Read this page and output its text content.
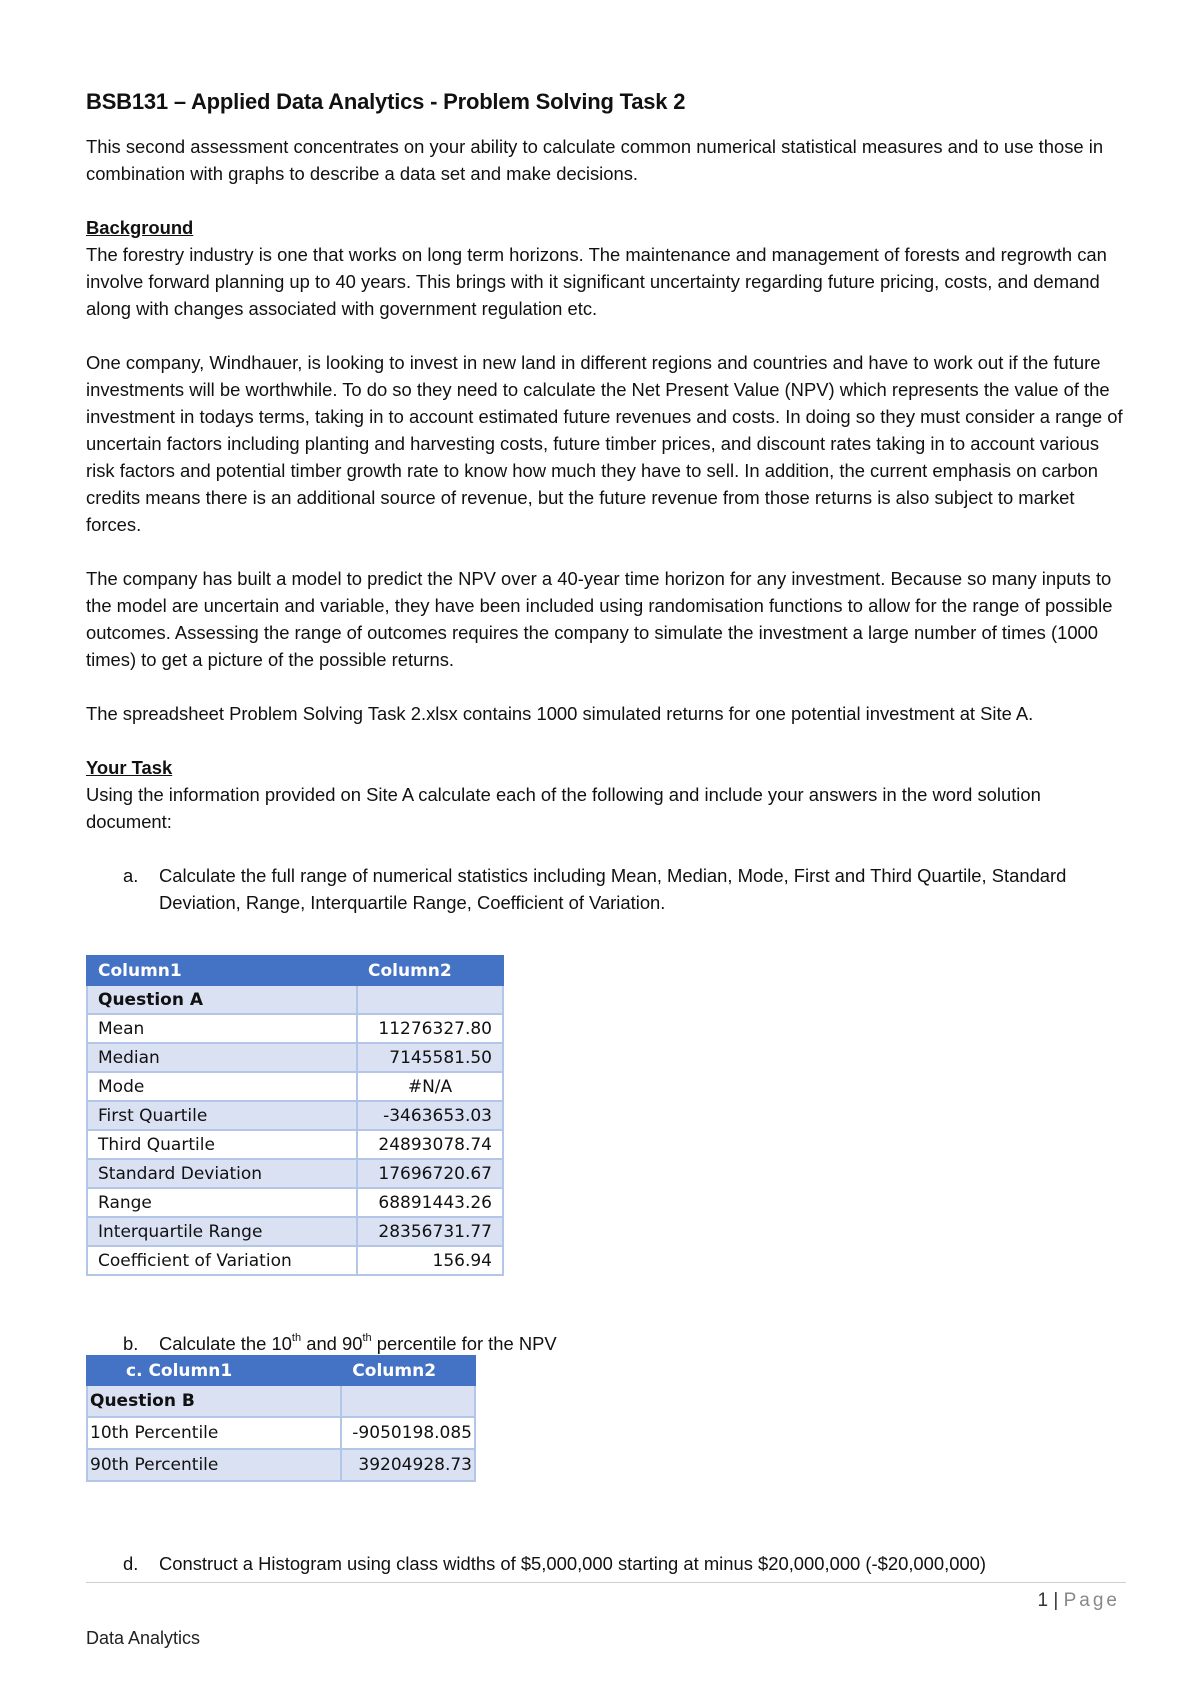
BSB131 – Applied Data Analytics - Problem Solving Task 2

This second assessment concentrates on your ability to calculate common numerical statistical measures and to use those in combination with graphs to describe a data set and make decisions.

Background

The forestry industry is one that works on long term horizons. The maintenance and management of forests and regrowth can involve forward planning up to 40 years. This brings with it significant uncertainty regarding future pricing, costs, and demand along with changes associated with government regulation etc.

One company, Windhauer, is looking to invest in new land in different regions and countries and have to work out if the future investments will be worthwhile. To do so they need to calculate the Net Present Value (NPV) which represents the value of the investment in todays terms, taking in to account estimated future revenues and costs. In doing so they must consider a range of uncertain factors including planting and harvesting costs, future timber prices, and discount rates taking in to account various risk factors and potential timber growth rate to know how much they have to sell. In addition, the current emphasis on carbon credits means there is an additional source of revenue, but the future revenue from those returns is also subject to market forces.

The company has built a model to predict the NPV over a 40-year time horizon for any investment. Because so many inputs to the model are uncertain and variable, they have been included using randomisation functions to allow for the range of possible outcomes. Assessing the range of outcomes requires the company to simulate the investment a large number of times (1000 times) to get a picture of the possible returns.

The spreadsheet Problem Solving Task 2.xlsx contains 1000 simulated returns for one potential investment at Site A.

Your Task

Using the information provided on Site A calculate each of the following and include your answers in the word solution document:

a. Calculate the full range of numerical statistics including Mean, Median, Mode, First and Third Quartile, Standard Deviation, Range, Interquartile Range, Coefficient of Variation.

Column1	Column2
Question A	
Mean	11276327.80
Median	7145581.50
Mode	#N/A
First Quartile	-3463653.03
Third Quartile	24893078.74
Standard Deviation	17696720.67
Range	68891443.26
Interquartile Range	28356731.77
Coefficient of Variation	156.94

b. Calculate the 10th and 90th percentile for the NPV

c. Column1	Column2
Question B	
10th Percentile	-9050198.085
90th Percentile	39204928.73

d. Construct a Histogram using class widths of $5,000,000 starting at minus $20,000,000 (-$20,000,000)

1 | Page
Data Analytics
